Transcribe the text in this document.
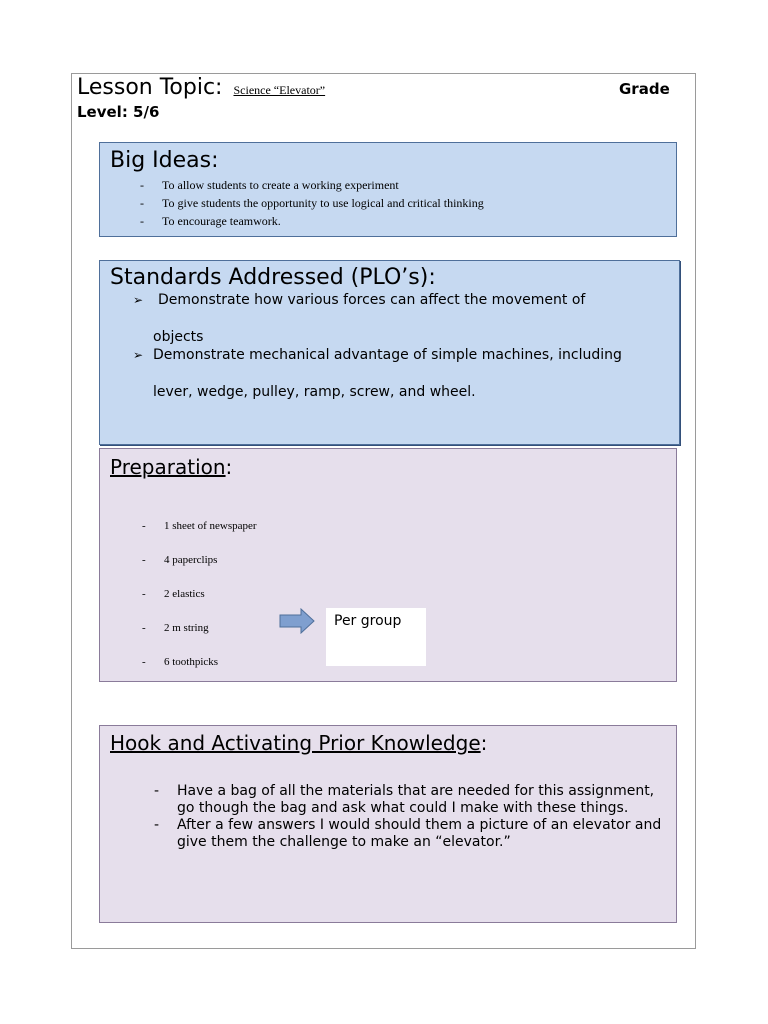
Lesson Topic: Science “Elevator”	Grade
Level: 5/6
Big Ideas:
- To allow students to create a working experiment
- To give students the opportunity to use logical and critical thinking
- To encourage teamwork.
Standards Addressed (PLO’s):
➢ Demonstrate how various forces can affect the movement of
objects
➢ Demonstrate mechanical advantage of simple machines, including
lever, wedge, pulley, ramp, screw, and wheel.
Preparation:
- 1 sheet of newspaper
- 4 paperclips
- 2 elastics
- 2 m string
- 6 toothpicks
Per group
Hook and Activating Prior Knowledge:
- Have a bag of all the materials that are needed for this assignment, go though the bag and ask what could I make with these things.
- After a few answers I would should them a picture of an elevator and give them the challenge to make an “elevator.”
